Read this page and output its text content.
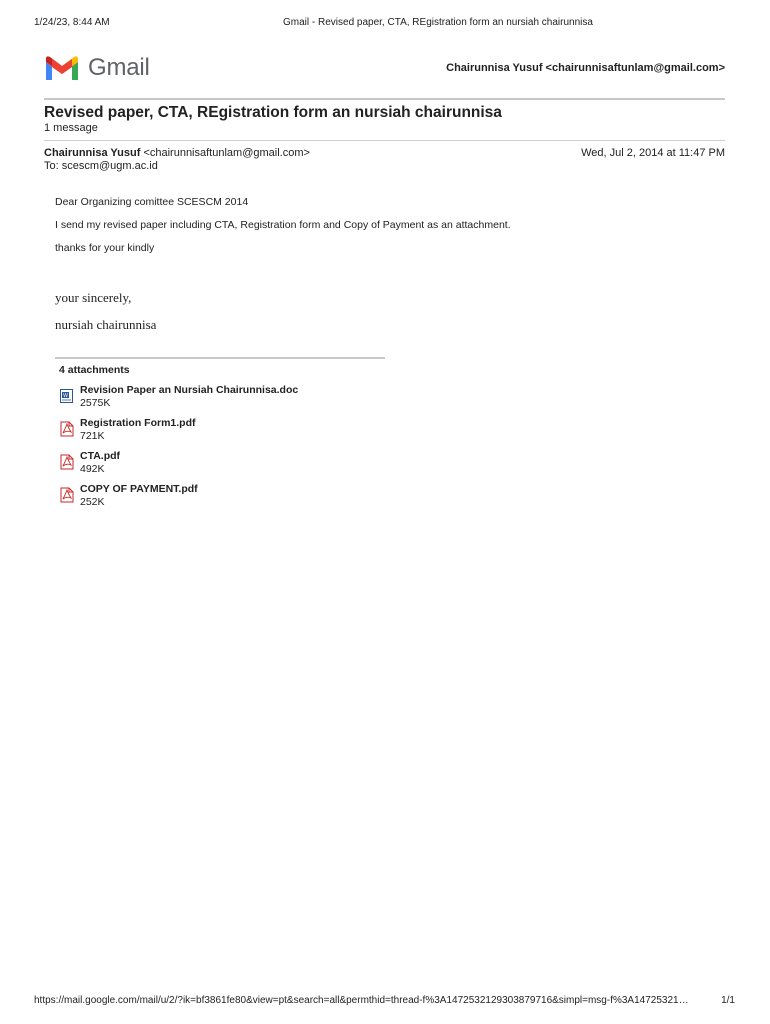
1/24/23, 8:44 AM	Gmail - Revised paper, CTA, REgistration form an nursiah chairunnisa
Gmail	Chairunnisa Yusuf <chairunnisaftunlam@gmail.com>
Revised paper, CTA, REgistration form an nursiah chairunnisa
1 message
Chairunnisa Yusuf <chairunnisaftunlam@gmail.com>
To: scescm@ugm.ac.id
Wed, Jul 2, 2014 at 11:47 PM
Dear Organizing comittee SCESCM 2014
I send my revised paper including CTA, Registration form and Copy of Payment as an attachment.
thanks for your kindly
your sincerely,
nursiah chairunnisa
4 attachments
W Revision Paper an Nursiah Chairunnisa.doc
2575K
Registration Form1.pdf
721K
CTA.pdf
492K
COPY OF PAYMENT.pdf
252K
https://mail.google.com/mail/u/2/?ik=bf3861fe80&view=pt&search=all&permthid=thread-f%3A1472532129303879716&simpl=msg-f%3A14725321…	1/1
